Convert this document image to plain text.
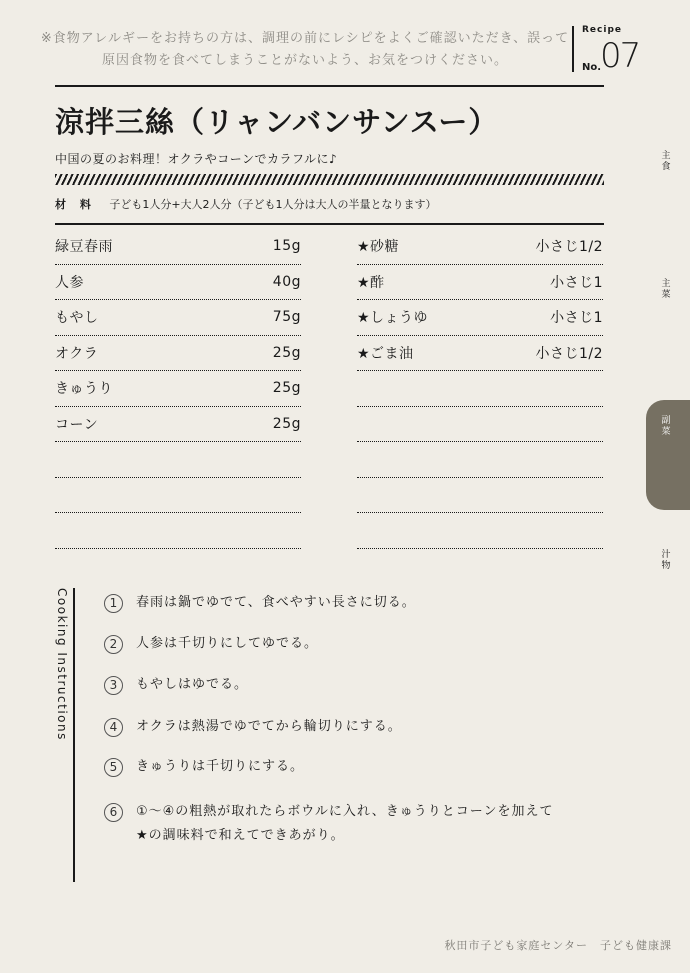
※食物アレルギーをお持ちの方は、調理の前にレシピをよくご確認いただき、誤って原因食物を食べてしまうことがないよう、お気をつけください。
Recipe
No.
07
涼拌三絲（リャンバンサンスー）
中国の夏のお料理！オクラやコーンでカラフルに♪
材 料 子ども1人分+大人2人分（子ども1人分は大人の半量となります）
緑豆春雨	15g
人参	40g
もやし	75g
オクラ	25g
きゅうり	25g
コーン	25g
★砂糖	小さじ1/2
★酢	小さじ1
★しょうゆ	小さじ1
★ごま油	小さじ1/2
主食
主菜
副菜
汁物
Cooking Instructions	1	春雨は鍋でゆでて、食べやすい長さに切る。
2	人参は千切りにしてゆでる。
3	もやしはゆでる。
4	オクラは熱湯でゆでてから輪切りにする。
5	きゅうりは千切りにする。
6	①〜④の粗熱が取れたらボウルに入れ、きゅうりとコーンを加えて
★の調味料で和えてできあがり。
秋田市子ども家庭センター　子ども健康課
